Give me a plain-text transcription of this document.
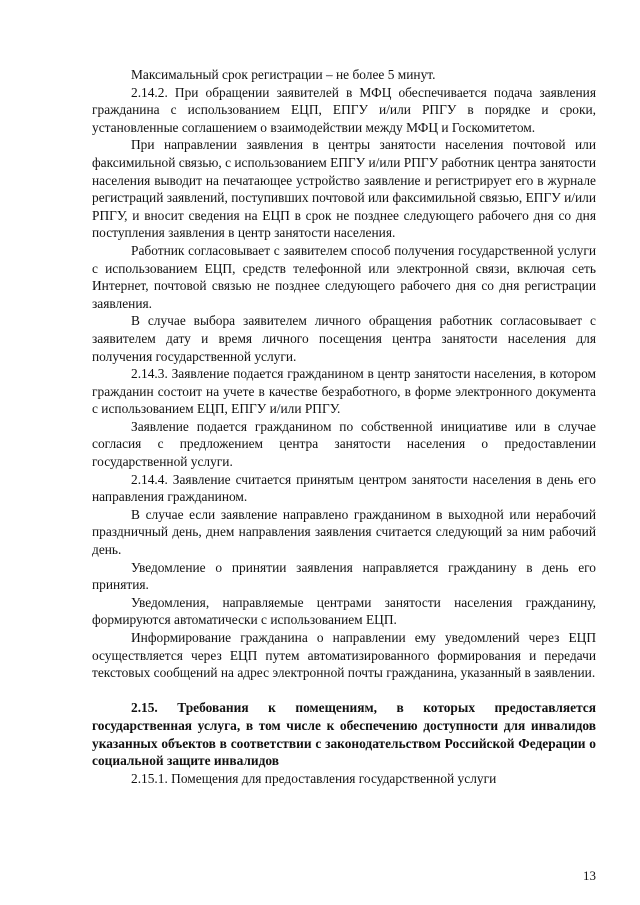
Максимальный срок регистрации – не более 5 минут.

2.14.2. При обращении заявителей в МФЦ обеспечивается подача заявления гражданина с использованием ЕЦП, ЕПГУ и/или РПГУ в порядке и сроки, установленные соглашением о взаимодействии между МФЦ и Госкомитетом.

При направлении заявления в центры занятости населения почтовой или факсимильной связью, с использованием ЕПГУ и/или РПГУ работник центра занятости населения выводит на печатающее устройство заявление и регистрирует его в журнале регистраций заявлений, поступивших почтовой или факсимильной связью, ЕПГУ и/или РПГУ, и вносит сведения на ЕЦП в срок не позднее следующего рабочего дня со дня поступления заявления в центр занятости населения.

Работник согласовывает с заявителем способ получения государственной услуги с использованием ЕЦП, средств телефонной или электронной связи, включая сеть Интернет, почтовой связью не позднее следующего рабочего дня со дня регистрации заявления.

В случае выбора заявителем личного обращения работник согласовывает с заявителем дату и время личного посещения центра занятости населения для получения государственной услуги.

2.14.3. Заявление подается гражданином в центр занятости населения, в котором гражданин состоит на учете в качестве безработного, в форме электронного документа с использованием ЕЦП, ЕПГУ и/или РПГУ.

Заявление подается гражданином по собственной инициативе или в случае согласия с предложением центра занятости населения о предоставлении государственной услуги.

2.14.4. Заявление считается принятым центром занятости населения в день его направления гражданином.

В случае если заявление направлено гражданином в выходной или нерабочий праздничный день, днем направления заявления считается следующий за ним рабочий день.

Уведомление о принятии заявления направляется гражданину в день его принятия.

Уведомления, направляемые центрами занятости населения гражданину, формируются автоматически с использованием ЕЦП.

Информирование гражданина о направлении ему уведомлений через ЕЦП осуществляется через ЕЦП путем автоматизированного формирования и передачи текстовых сообщений на адрес электронной почты гражданина, указанный в заявлении.

2.15. Требования к помещениям, в которых предоставляется государственная услуга, в том числе к обеспечению доступности для инвалидов указанных объектов в соответствии с законодательством Российской Федерации о социальной защите инвалидов

2.15.1. Помещения для предоставления государственной услуги

13
